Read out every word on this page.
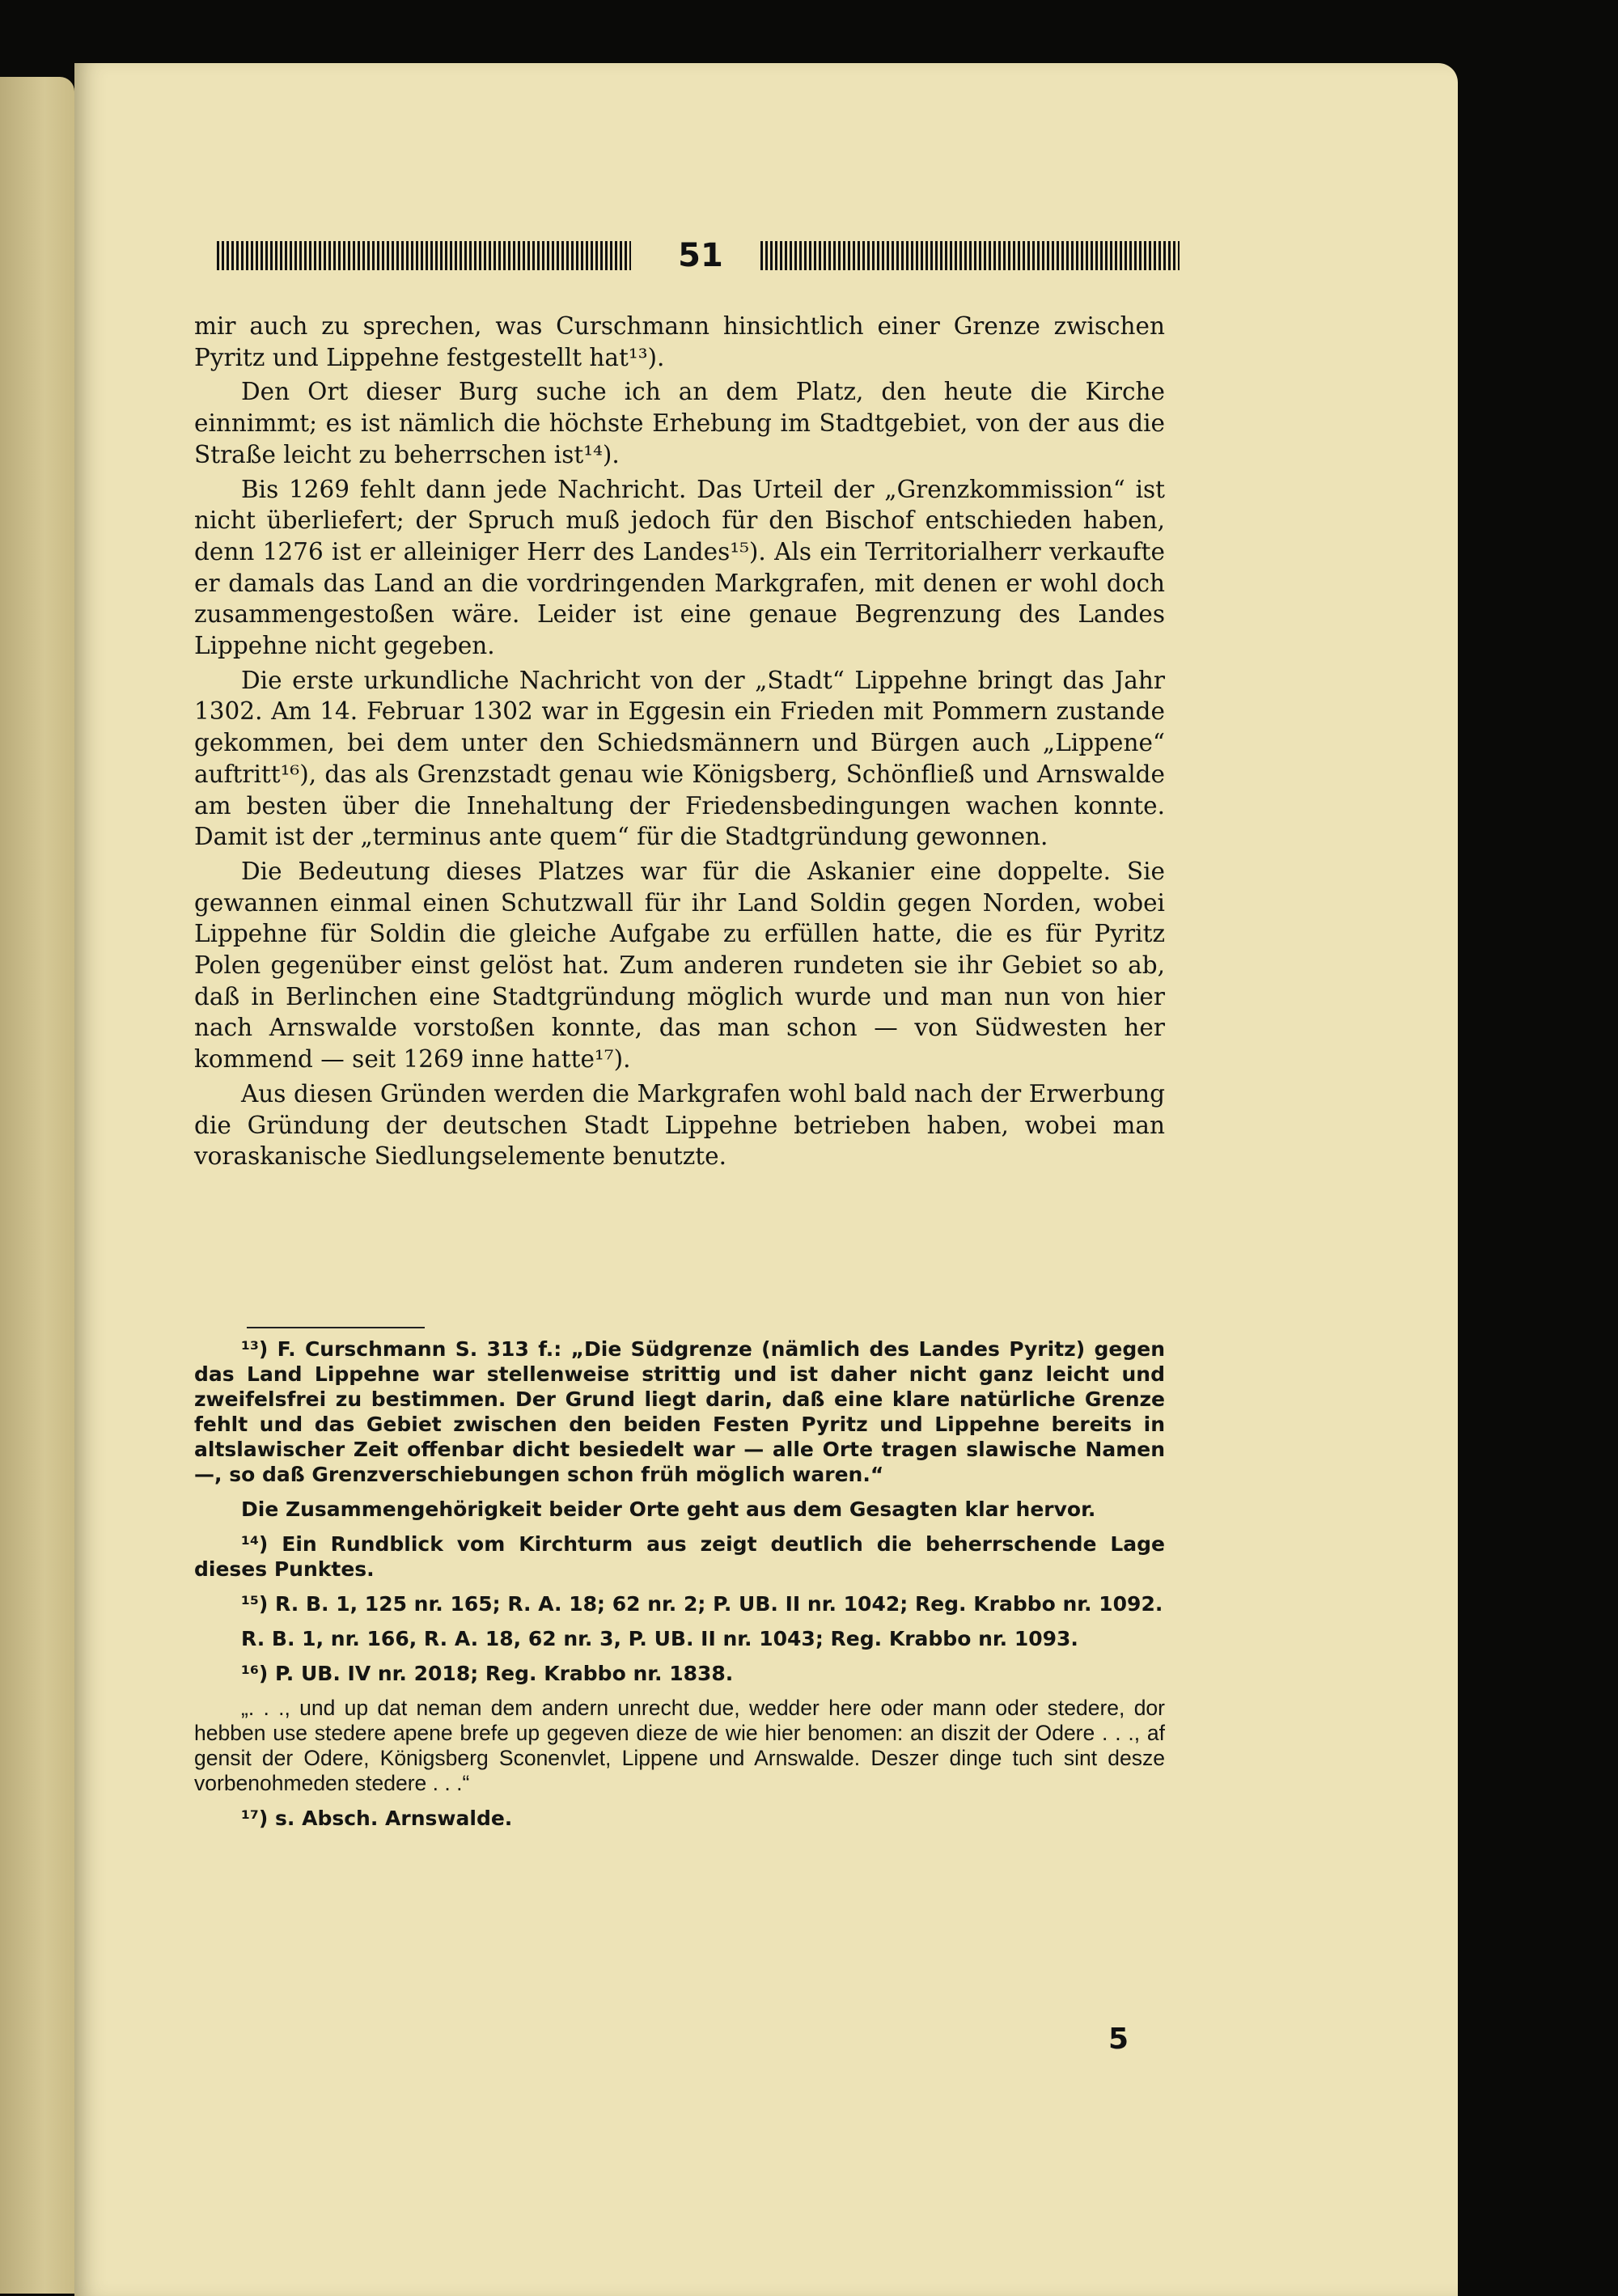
51

mir auch zu sprechen, was Curschmann hinsichtlich einer Grenze zwischen Pyritz und Lippehne festgestellt hat¹³).

Den Ort dieser Burg suche ich an dem Platz, den heute die Kirche einnimmt; es ist nämlich die höchste Erhebung im Stadtgebiet, von der aus die Straße leicht zu beherrschen ist¹⁴).

Bis 1269 fehlt dann jede Nachricht. Das Urteil der „Grenzkommission“ ist nicht überliefert; der Spruch muß jedoch für den Bischof entschieden haben, denn 1276 ist er alleiniger Herr des Landes¹⁵). Als ein Territorialherr verkaufte er damals das Land an die vordringenden Markgrafen, mit denen er wohl doch zusammengestoßen wäre. Leider ist eine genaue Begrenzung des Landes Lippehne nicht gegeben.

Die erste urkundliche Nachricht von der „Stadt“ Lippehne bringt das Jahr 1302. Am 14. Februar 1302 war in Eggesin ein Frieden mit Pommern zustande gekommen, bei dem unter den Schiedsmännern und Bürgen auch „Lippene“ auftritt¹⁶), das als Grenzstadt genau wie Königsberg, Schönfließ und Arnswalde am besten über die Innehaltung der Friedensbedingungen wachen konnte. Damit ist der „terminus ante quem“ für die Stadtgründung gewonnen.

Die Bedeutung dieses Platzes war für die Askanier eine doppelte. Sie gewannen einmal einen Schutzwall für ihr Land Soldin gegen Norden, wobei Lippehne für Soldin die gleiche Aufgabe zu erfüllen hatte, die es für Pyritz Polen gegenüber einst gelöst hat. Zum anderen rundeten sie ihr Gebiet so ab, daß in Berlinchen eine Stadtgründung möglich wurde und man nun von hier nach Arnswalde vorstoßen konnte, das man schon — von Südwesten her kommend — seit 1269 inne hatte¹⁷).

Aus diesen Gründen werden die Markgrafen wohl bald nach der Erwerbung die Gründung der deutschen Stadt Lippehne betrieben haben, wobei man voraskanische Siedlungselemente benutzte.

¹³) F. Curschmann S. 313 f.: „Die Südgrenze (nämlich des Landes Pyritz) gegen das Land Lippehne war stellenweise strittig und ist daher nicht ganz leicht und zweifelsfrei zu bestimmen. Der Grund liegt darin, daß eine klare natürliche Grenze fehlt und das Gebiet zwischen den beiden Festen Pyritz und Lippehne bereits in altslawischer Zeit offenbar dicht besiedelt war — alle Orte tragen slawische Namen —, so daß Grenzverschiebungen schon früh möglich waren.“

Die Zusammengehörigkeit beider Orte geht aus dem Gesagten klar hervor.

¹⁴) Ein Rundblick vom Kirchturm aus zeigt deutlich die beherrschende Lage dieses Punktes.

¹⁵) R. B. 1, 125 nr. 165; R. A. 18; 62 nr. 2; P. UB. II nr. 1042; Reg. Krabbo nr. 1092.

R. B. 1, nr. 166, R. A. 18, 62 nr. 3, P. UB. II nr. 1043; Reg. Krabbo nr. 1093.

¹⁶) P. UB. IV nr. 2018; Reg. Krabbo nr. 1838.

„. . ., und up dat neman dem andern unrecht due, wedder here oder mann oder stedere, dor hebben use stedere apene brefe up gegeven dieze de wie hier benomen: an diszit der Odere . . ., af gensit der Odere, Königsberg Sconenvlet, Lippene und Arnswalde. Deszer dinge tuch sint desze vorbenohmeden stedere . . .“

¹⁷) s. Absch. Arnswalde.

5
